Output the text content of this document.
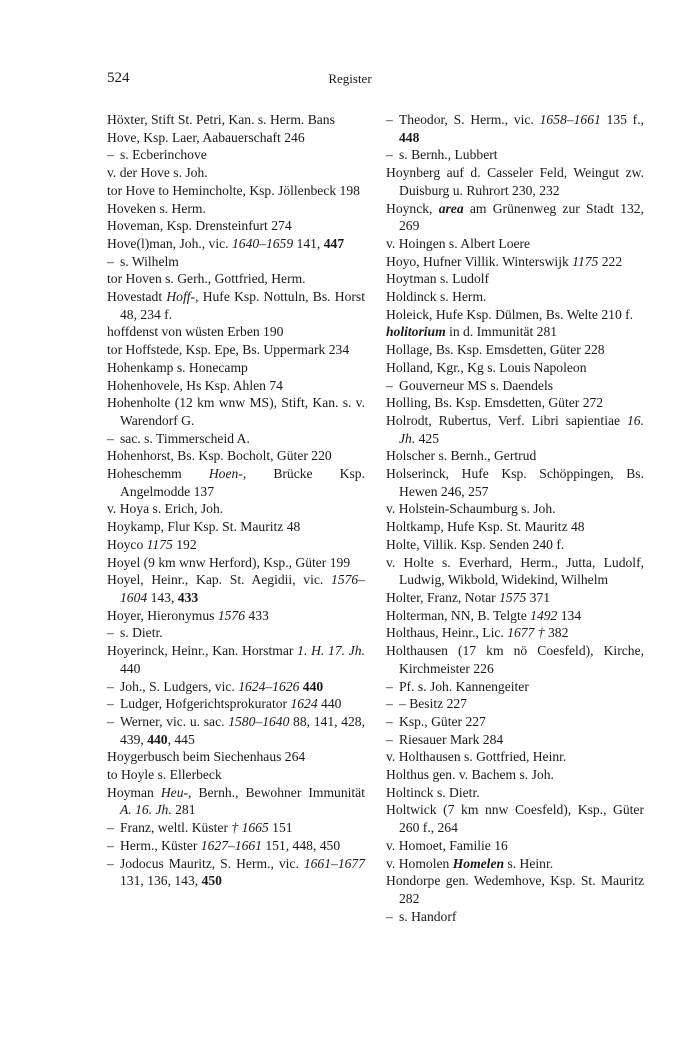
524	Register
Höxter, Stift St. Petri, Kan. s. Herm. Bans
Hove, Ksp. Laer, Aabauerschaft 246
– s. Ecberinchove
v. der Hove s. Joh.
tor Hove to Hemincholte, Ksp. Jöllenbeck 198
Hoveken s. Herm.
Hoveman, Ksp. Drensteinfurt 274
Hove(l)man, Joh., vic. 1640–1659 141, 447
– s. Wilhelm
tor Hoven s. Gerh., Gottfried, Herm.
Hovestadt Hoff-, Hufe Ksp. Nottuln, Bs. Horst 48, 234 f.
hoffdenst von wüsten Erben 190
tor Hoffstede, Ksp. Epe, Bs. Uppermark 234
Hohenkamp s. Honecamp
Hohenhovele, Hs Ksp. Ahlen 74
Hohenholte (12 km wnw MS), Stift, Kan. s. v. Warendorf G.
– sac. s. Timmerscheid A.
Hohenhorst, Bs. Ksp. Bocholt, Güter 220
Hoheschemm Hoen-, Brücke Ksp. Angelmodde 137
v. Hoya s. Erich, Joh.
Hoykamp, Flur Ksp. St. Mauritz 48
Hoyco 1175 192
Hoyel (9 km wnw Herford), Ksp., Güter 199
Hoyel, Heinr., Kap. St. Aegidii, vic. 1576–1604 143, 433
Hoyer, Hieronymus 1576 433
– s. Dietr.
Hoyerinck, Heinr., Kan. Horstmar 1. H. 17. Jh. 440
– Joh., S. Ludgers, vic. 1624–1626 440
– Ludger, Hofgerichtsprokurator 1624 440
– Werner, vic. u. sac. 1580–1640 88, 141, 428, 439, 440, 445
Hoygerbusch beim Siechenhaus 264
to Hoyle s. Ellerbeck
Hoyman Heu-, Bernh., Bewohner Immunität A. 16. Jh. 281
– Franz, weltl. Küster † 1665 151
– Herm., Küster 1627–1661 151, 448, 450
– Jodocus Mauritz, S. Herm., vic. 1661–1677 131, 136, 143, 450
– Theodor, S. Herm., vic. 1658–1661 135 f., 448
– s. Bernh., Lubbert
Hoynberg auf d. Casseler Feld, Weingut zw. Duisburg u. Ruhrort 230, 232
Hoynck, area am Grünenweg zur Stadt 132, 269
v. Hoingen s. Albert Loere
Hoyo, Hufner Villik. Winterswijk 1175 222
Hoytman s. Ludolf
Holdinck s. Herm.
Holeick, Hufe Ksp. Dülmen, Bs. Welte 210 f.
holitorium in d. Immunität 281
Hollage, Bs. Ksp. Emsdetten, Güter 228
Holland, Kgr., Kg s. Louis Napoleon
– Gouverneur MS s. Daendels
Holling, Bs. Ksp. Emsdetten, Güter 272
Holrodt, Rubertus, Verf. Libri sapientiae 16. Jh. 425
Holscher s. Bernh., Gertrud
Holserinck, Hufe Ksp. Schöppingen, Bs. Hewen 246, 257
v. Holstein-Schaumburg s. Joh.
Holtkamp, Hufe Ksp. St. Mauritz 48
Holte, Villik. Ksp. Senden 240 f.
v. Holte s. Everhard, Herm., Jutta, Ludolf, Ludwig, Wikbold, Widekind, Wilhelm
Holter, Franz, Notar 1575 371
Holterman, NN, B. Telgte 1492 134
Holthaus, Heinr., Lic. 1677 † 382
Holthausen (17 km nö Coesfeld), Kirche, Kirchmeister 226
– Pf. s. Joh. Kannengeiter
– – Besitz 227
– Ksp., Güter 227
– Riesauer Mark 284
v. Holthausen s. Gottfried, Heinr.
Holthus gen. v. Bachem s. Joh.
Holtinck s. Dietr.
Holtwick (7 km nnw Coesfeld), Ksp., Güter 260 f., 264
v. Homoet, Familie 16
v. Homolen Homelen s. Heinr.
Hondorpe gen. Wedemhove, Ksp. St. Mauritz 282
– s. Handorf
